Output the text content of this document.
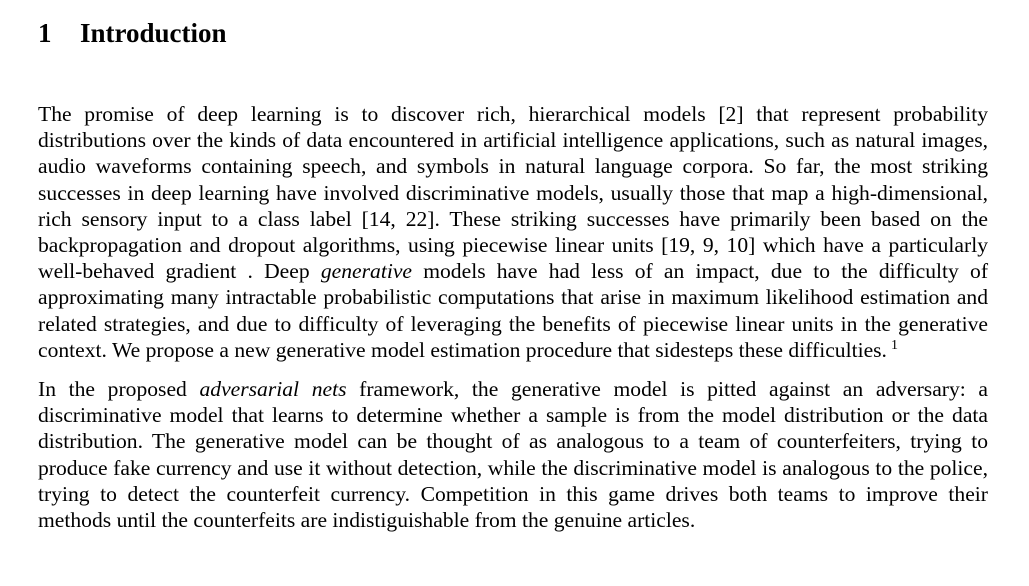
1 Introduction

The promise of deep learning is to discover rich, hierarchical models [2] that represent probability distributions over the kinds of data encountered in artificial intelligence applications, such as natural images, audio waveforms containing speech, and symbols in natural language corpora. So far, the most striking successes in deep learning have involved discriminative models, usually those that map a high-dimensional, rich sensory input to a class label [14, 22]. These striking successes have primarily been based on the backpropagation and dropout algorithms, using piecewise linear units [19, 9, 10] which have a particularly well-behaved gradient . Deep generative models have had less of an impact, due to the difficulty of approximating many intractable probabilistic computations that arise in maximum likelihood estimation and related strategies, and due to difficulty of leveraging the benefits of piecewise linear units in the generative context. We propose a new generative model estimation procedure that sidesteps these difficulties. $^1$

In the proposed adversarial nets framework, the generative model is pitted against an adversary: a discriminative model that learns to determine whether a sample is from the model distribution or the data distribution. The generative model can be thought of as analogous to a team of counterfeiters, trying to produce fake currency and use it without detection, while the discriminative model is analogous to the police, trying to detect the counterfeit currency. Competition in this game drives both teams to improve their methods until the counterfeits are indistiguishable from the genuine articles.
